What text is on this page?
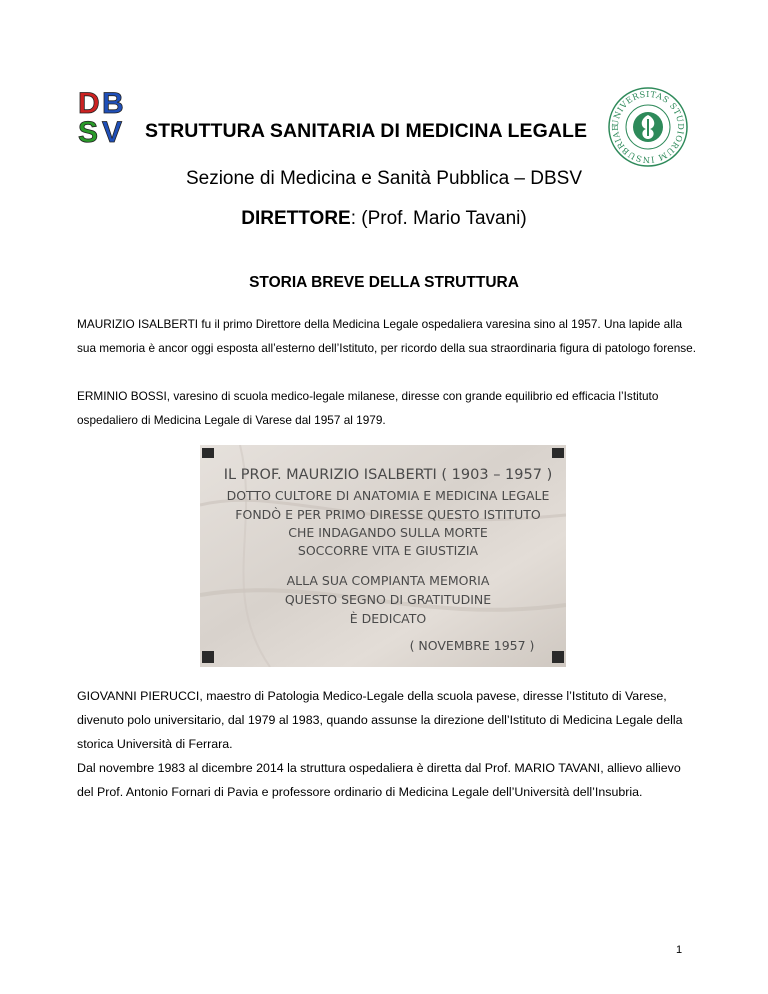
D B
S V	UNIVERSITAS STUDIORUM INSUBRIAE
STRUTTURA SANITARIA DI MEDICINA LEGALE
Sezione di Medicina e Sanità Pubblica – DBSV
DIRETTORE: (Prof. Mario Tavani)
STORIA BREVE DELLA STRUTTURA
MAURIZIO ISALBERTI fu il primo Direttore della Medicina Legale ospedaliera varesina sino al 1957. Una lapide alla sua memoria è ancor oggi esposta all’esterno dell’Istituto, per ricordo della sua straordinaria figura di patologo forense.
ERMINIO BOSSI, varesino di scuola medico-legale milanese, diresse con grande equilibrio ed efficacia l’Istituto ospedaliero di Medicina Legale di Varese dal 1957 al 1979.
IL PROF. MAURIZIO ISALBERTI ( 1903 – 1957 )
DOTTO CULTORE DI ANATOMIA E MEDICINA LEGALE
FONDÒ E PER PRIMO DIRESSE QUESTO ISTITUTO
CHE INDAGANDO SULLA MORTE
SOCCORRE VITA E GIUSTIZIA
ALLA SUA COMPIANTA MEMORIA
QUESTO SEGNO DI GRATITUDINE
È DEDICATO
( NOVEMBRE 1957 )
GIOVANNI PIERUCCI, maestro di Patologia Medico-Legale della scuola pavese, diresse l’Istituto di Varese, divenuto polo universitario, dal 1979 al 1983, quando assunse la direzione dell’Istituto di Medicina Legale della storica Università di Ferrara.
Dal novembre 1983 al dicembre 2014 la struttura ospedaliera è diretta dal Prof. MARIO TAVANI, allievo allievo del Prof. Antonio Fornari di Pavia e professore ordinario di Medicina Legale dell’Università dell’Insubria.
1
